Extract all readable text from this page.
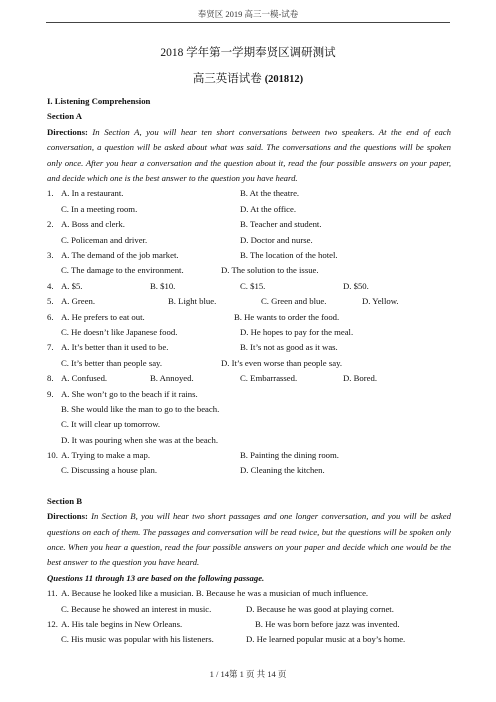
奉贤区 2019 高三一模-试卷
2018 学年第一学期奉贤区调研测试
高三英语试卷 (201812)

I. Listening Comprehension

Section A

Directions: In Section A, you will hear ten short conversations between two speakers. At the end of each conversation, a question will be asked about what was said. The conversations and the questions will be spoken only once. After you hear a conversation and the question about it, read the four possible answers on your paper, and decide which one is the best answer to the question you have heard.

1. A. In a restaurant.	B. At the theatre.
C. In a meeting room.	D. At the office.
2. A. Boss and clerk.	B. Teacher and student.
C. Policeman and driver.	D. Doctor and nurse.
3. A. The demand of the job market.	B. The location of the hotel.
C. The damage to the environment.	D. The solution to the issue.
4. A. $5.	B. $10.	C. $15.	D. $50.
5. A. Green.	B. Light blue.	C. Green and blue.	D. Yellow.
6. A. He prefers to eat out.	B. He wants to order the food.
C. He doesn’t like Japanese food.	D. He hopes to pay for the meal.
7. A. It’s better than it used to be.	B. It’s not as good as it was.
C. It’s better than people say.	D. It’s even worse than people say.
8. A. Confused.	B. Annoyed.	C. Embarrassed.	D. Bored.
9. A. She won’t go to the beach if it rains.
B. She would like the man to go to the beach.
C. It will clear up tomorrow.
D. It was pouring when she was at the beach.
10. A. Trying to make a map.	B. Painting the dining room.
C. Discussing a house plan.	D. Cleaning the kitchen.

Section B

Directions: In Section B, you will hear two short passages and one longer conversation, and you will be asked questions on each of them. The passages and conversation will be read twice, but the questions will be spoken only once. When you hear a question, read the four possible answers on your paper and decide which one would be the best answer to the question you have heard.

Questions 11 through 13 are based on the following passage.

11. A. Because he looked like a musician. B. Because he was a musician of much influence.
C. Because he showed an interest in music.	D. Because he was good at playing cornet.
12. A. His tale begins in New Orleans.	B. He was born before jazz was invented.
C. His music was popular with his listeners.	D. He learned popular music at a boy’s home.
1 / 14第 1 页 共 14 页
